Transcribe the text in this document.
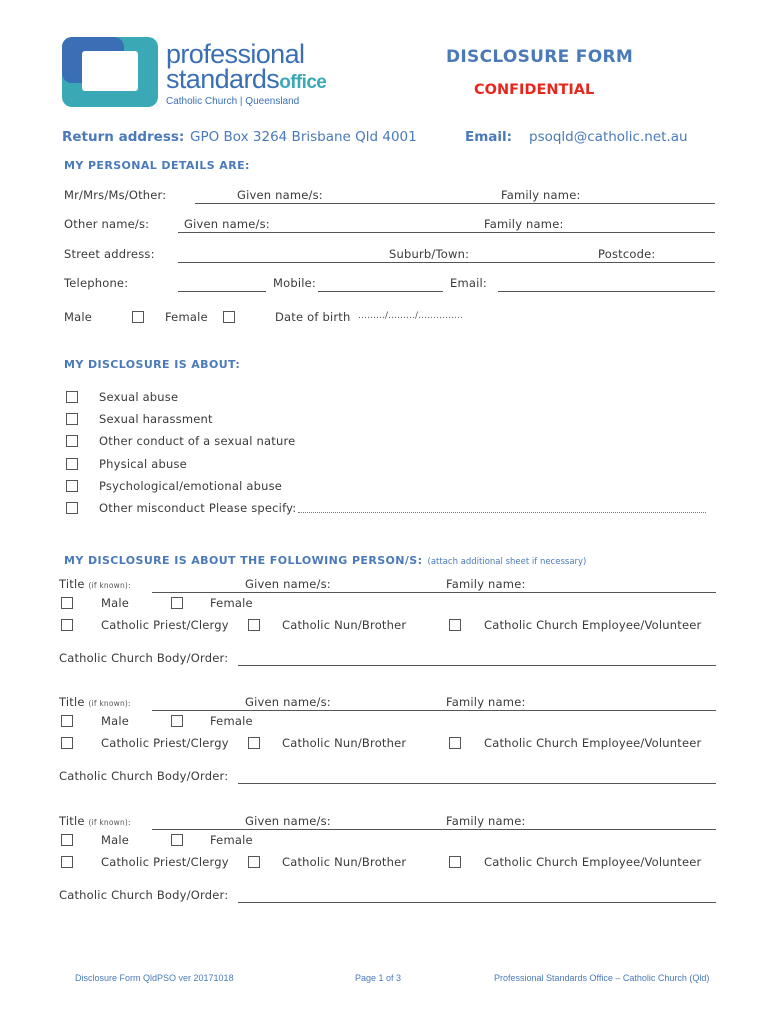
professional
standardsoffice
Catholic Church | Queensland
DISCLOSURE FORM
CONFIDENTIAL
Return address: GPO Box 3264 Brisbane Qld 4001	Email: psoqld@catholic.net.au
MY PERSONAL DETAILS ARE:
Mr/Mrs/Ms/Other:	Given name/s:	Family name:
Other name/s:	Given name/s:	Family name:
Street address:	Suburb/Town:	Postcode:
Telephone:	Mobile:	Email:
Male	Female	Date of birth ………/………/……………
MY DISCLOSURE IS ABOUT:
Sexual abuse
Sexual harassment
Other conduct of a sexual nature
Physical abuse
Psychological/emotional abuse
Other misconduct Please specify:
MY DISCLOSURE IS ABOUT THE FOLLOWING PERSON/S: (attach additional sheet if necessary)
Title (if known):	Given name/s:	Family name:
Male	Female
Catholic Priest/Clergy	Catholic Nun/Brother	Catholic Church Employee/Volunteer
Catholic Church Body/Order:
Title (if known):	Given name/s:	Family name:
Male	Female
Catholic Priest/Clergy	Catholic Nun/Brother	Catholic Church Employee/Volunteer
Catholic Church Body/Order:
Title (if known):	Given name/s:	Family name:
Male	Female
Catholic Priest/Clergy	Catholic Nun/Brother	Catholic Church Employee/Volunteer
Catholic Church Body/Order:
Disclosure Form QldPSO ver 20171018	Page 1 of 3	Professional Standards Office – Catholic Church (Qld)
